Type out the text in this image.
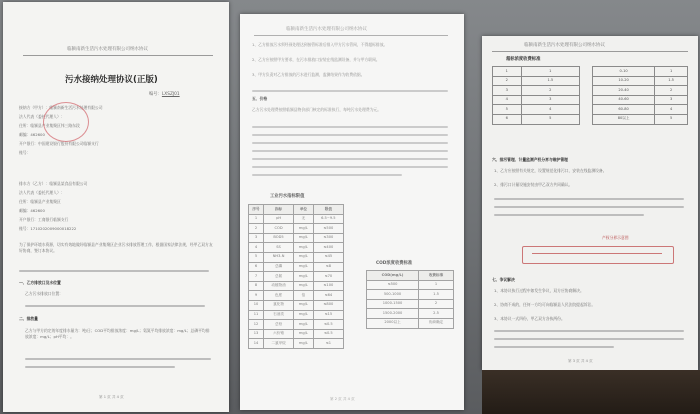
临颍南新生活污水处理有限公司纳水协议
污水接纳处理协议(正版)
编号：LXSZJ01
接纳方（甲方）：临颍南新生活污水处理有限公司
法人代表（委托代理人）：
住所：临颍县产业集聚区纬三路东段
邮编：462600
开户银行：中国建设银行股份有限公司临颍支行
账号：
排水方（乙方）：临颍县某食品有限公司
法人代表（委托代理人）：
住所：临颍县产业集聚区
邮编：462600
开户银行：工商银行临颍支行
账号：1710202009000018222
为了保护环境水资源，切实有效地做好临颍县产业集聚区企业污水排放管理工作，根据国家法律法规，经甲乙双方友好协商，签订本协议。
一、乙方排放口及水位置
乙方污水排放口位置：
二、排放量
乙方与甲方约定的年度排水量为：吨/日；COD平均排放浓度：mg/L；氨氮平均排放浓度：mg/L；总磷平均排放浓度：mg/L；pH平均：。
第 1 页 共 4 页
临颍南新生活污水处理有限公司纳水协议
1、乙方排放污水须经预处理达到接管标准后排入甲方污水管网，不得超标排放。
2、乙方应按照甲方要求，在污水排放口安装在线监测设备，并与甲方联网。
3、甲方负责对乙方排放的污水进行监测，监测结果作为收费依据。
五、价格
乙方污水处理费按照临颍县物价部门核定的标准执行，每吨污水处理费为元。
工业污水指标限值
序号	指标	单位	限值
1	pH	无	6.5~9.5
2	COD	mg/L	≤500
3	BOD5	mg/L	≤300
4	SS	mg/L	≤400
5	NH3-N	mg/L	≤45
6	总磷	mg/L	≤8
7	总氮	mg/L	≤70
8	动植物油	mg/L	≤100
9	色度	倍	≤64
10	氯化物	mg/L	≤800
11	石油类	mg/L	≤15
12	总铅	mg/L	≤0.5
13	六价铬	mg/L	≤0.5
14	二氯甲烷	mg/L	≤1
COD浓度收费标准
COD(mg/L)	收费标准
≤500	1
500-1000	1.5
1000-1500	2
1500-2000	2.5
2000以上	协商确定
第 2 页 共 4 页
临颍南新生活污水处理有限公司纳水协议
超标浓度收费标准
1	1
2	1.5
3	2
4	3
5	4
6	5
0-10	1
10-20	1.5
20-40	2
40-60	3
60-80	4
80以上	5
六、排污管理、计量监测产权分界与维护管理
1、乙方应按照有关规定，设置规范化排污口，安装在线监测设备。
2、排污口计量设施安装由甲乙双方共同确认。
产权分界示意图
七、争议解决
1、本协议执行过程中如发生争议，双方应协商解决。
2、协商不成的，任何一方均可向临颍县人民法院提起诉讼。
3、本协议一式四份，甲乙双方各执两份。
第 3 页 共 4 页
